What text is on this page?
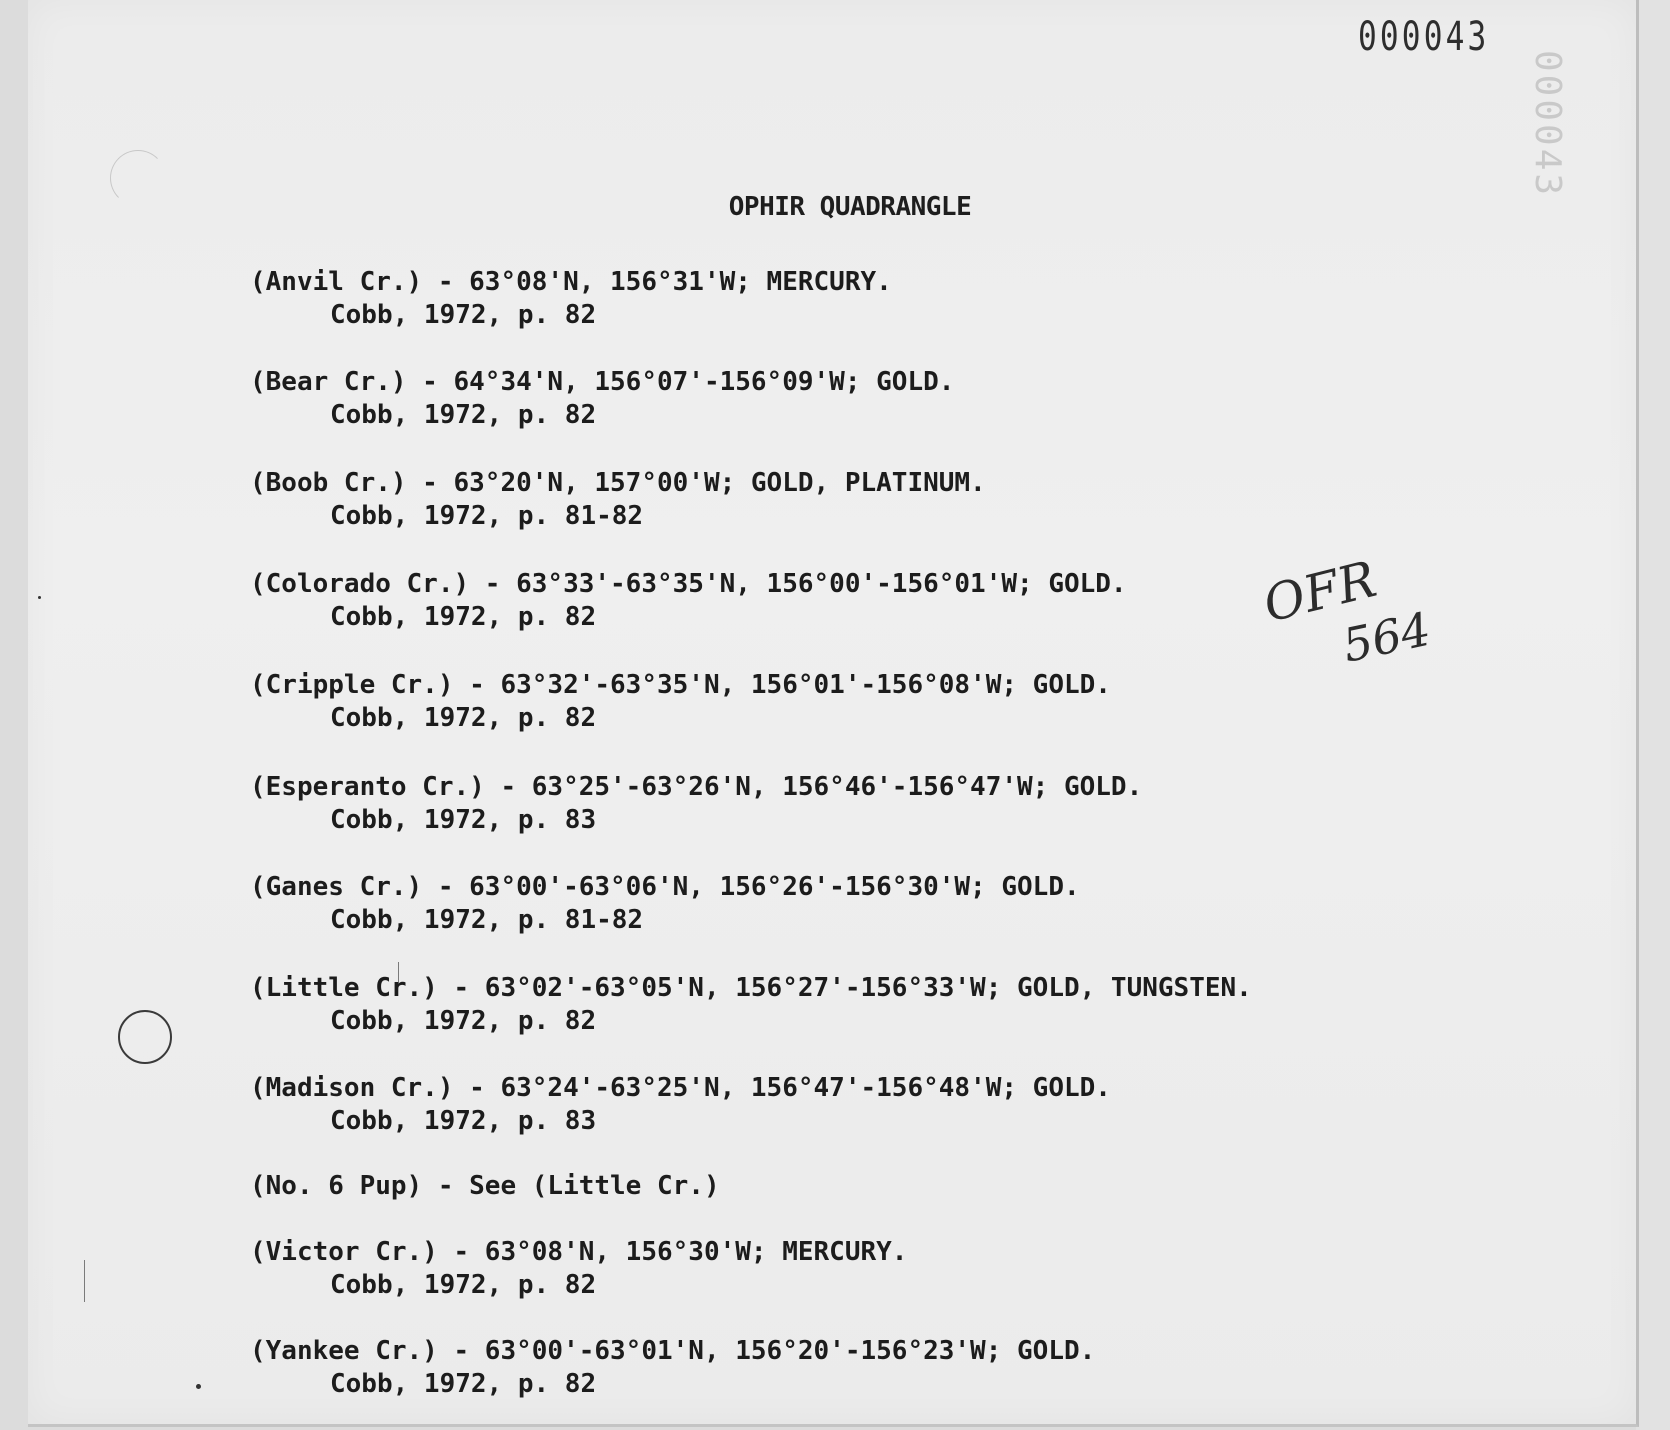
000043
000043
OPHIR QUADRANGLE
(Anvil Cr.) - 63°08'N, 156°31'W; MERCURY.
Cobb, 1972, p. 82
(Bear Cr.) - 64°34'N, 156°07'-156°09'W; GOLD.
Cobb, 1972, p. 82
(Boob Cr.) - 63°20'N, 157°00'W; GOLD, PLATINUM.
Cobb, 1972, p. 81-82
(Colorado Cr.) - 63°33'-63°35'N, 156°00'-156°01'W; GOLD.
Cobb, 1972, p. 82
(Cripple Cr.) - 63°32'-63°35'N, 156°01'-156°08'W; GOLD.
Cobb, 1972, p. 82
(Esperanto Cr.) - 63°25'-63°26'N, 156°46'-156°47'W; GOLD.
Cobb, 1972, p. 83
(Ganes Cr.) - 63°00'-63°06'N, 156°26'-156°30'W; GOLD.
Cobb, 1972, p. 81-82
(Little Cr.) - 63°02'-63°05'N, 156°27'-156°33'W; GOLD, TUNGSTEN.
Cobb, 1972, p. 82
(Madison Cr.) - 63°24'-63°25'N, 156°47'-156°48'W; GOLD.
Cobb, 1972, p. 83
(No. 6 Pup) - See (Little Cr.)
(Victor Cr.) - 63°08'N, 156°30'W; MERCURY.
Cobb, 1972, p. 82
(Yankee Cr.) - 63°00'-63°01'N, 156°20'-156°23'W; GOLD.
Cobb, 1972, p. 82
OFR
564
